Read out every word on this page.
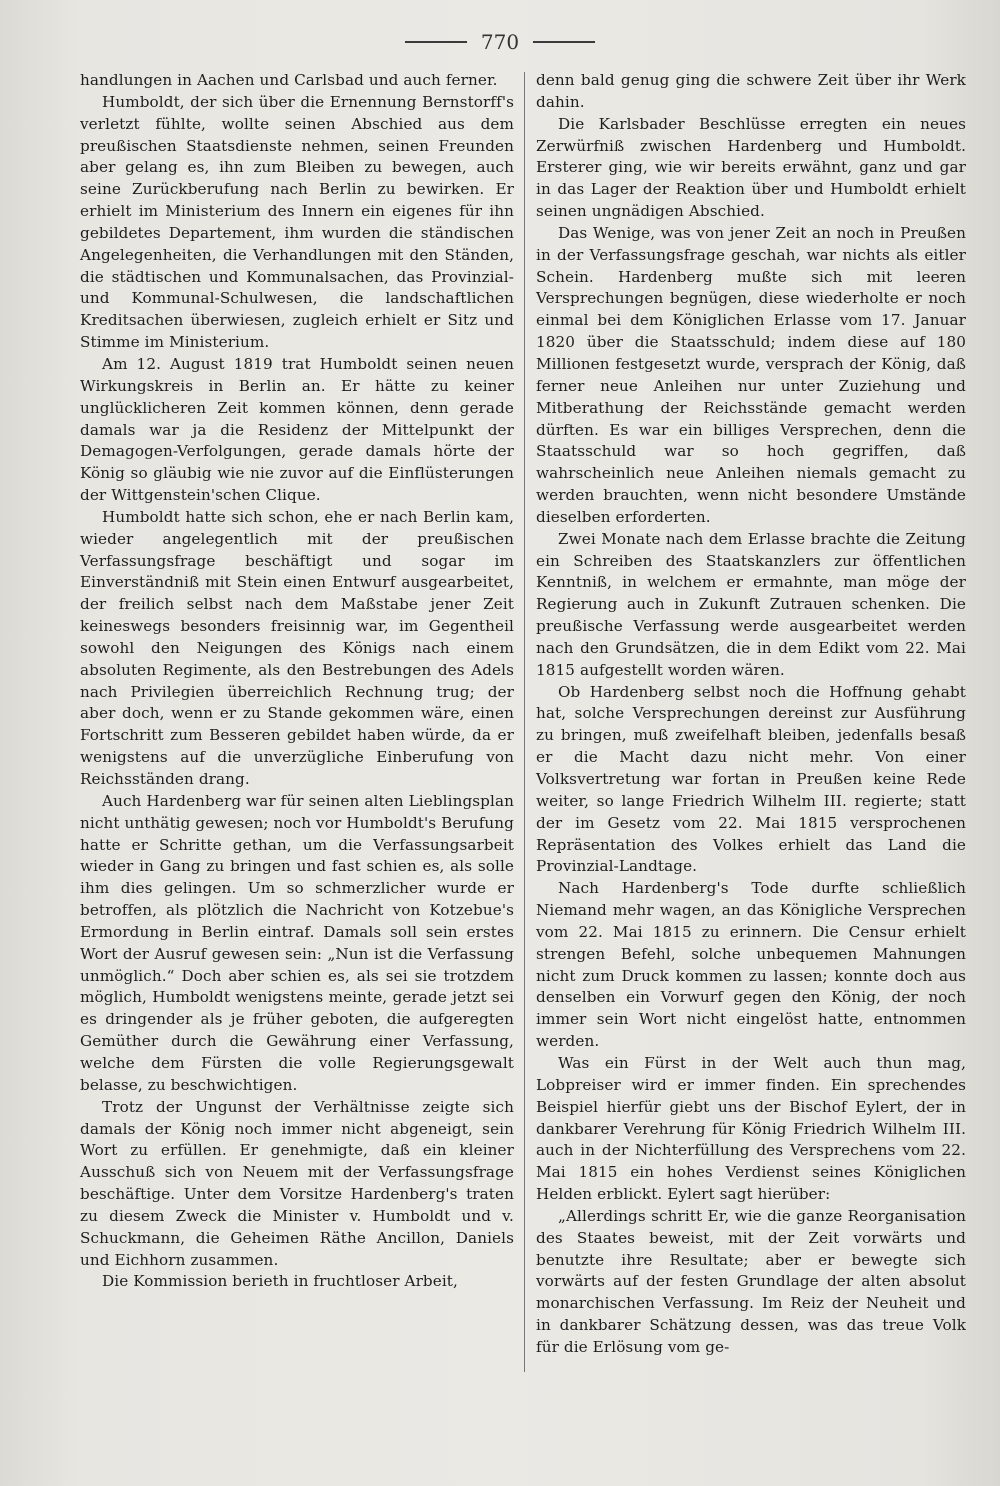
770

handlungen in Aachen und Carlsbad und auch ferner.

Humboldt, der sich über die Ernennung Bernstorff's verletzt fühlte, wollte seinen Abschied aus dem preußischen Staatsdienste nehmen, seinen Freunden aber gelang es, ihn zum Bleiben zu bewegen, auch seine Zurückberufung nach Berlin zu bewirken. Er erhielt im Ministerium des Innern ein eigenes für ihn gebildetes Departement, ihm wurden die ständischen Angelegenheiten, die Verhandlungen mit den Ständen, die städtischen und Kommunalsachen, das Provinzial- und Kommunal-Schulwesen, die landschaftlichen Kreditsachen überwiesen, zugleich erhielt er Sitz und Stimme im Ministerium.

Am 12. August 1819 trat Humboldt seinen neuen Wirkungskreis in Berlin an. Er hätte zu keiner unglücklicheren Zeit kommen können, denn gerade damals war ja die Residenz der Mittelpunkt der Demagogen-Verfolgungen, gerade damals hörte der König so gläubig wie nie zuvor auf die Einflüsterungen der Wittgenstein'schen Clique.

Humboldt hatte sich schon, ehe er nach Berlin kam, wieder angelegentlich mit der preußischen Verfassungsfrage beschäftigt und sogar im Einverständniß mit Stein einen Entwurf ausgearbeitet, der freilich selbst nach dem Maßstabe jener Zeit keineswegs besonders freisinnig war, im Gegentheil sowohl den Neigungen des Königs nach einem absoluten Regimente, als den Bestrebungen des Adels nach Privilegien überreichlich Rechnung trug; der aber doch, wenn er zu Stande gekommen wäre, einen Fortschritt zum Besseren gebildet haben würde, da er wenigstens auf die unverzügliche Einberufung von Reichsständen drang.

Auch Hardenberg war für seinen alten Lieblingsplan nicht unthätig gewesen; noch vor Humboldt's Berufung hatte er Schritte gethan, um die Verfassungsarbeit wieder in Gang zu bringen und fast schien es, als solle ihm dies gelingen. Um so schmerzlicher wurde er betroffen, als plötzlich die Nachricht von Kotzebue's Ermordung in Berlin eintraf. Damals soll sein erstes Wort der Ausruf gewesen sein: „Nun ist die Verfassung unmöglich.“ Doch aber schien es, als sei sie trotzdem möglich, Humboldt wenigstens meinte, gerade jetzt sei es dringender als je früher geboten, die aufgeregten Gemüther durch die Gewährung einer Verfassung, welche dem Fürsten die volle Regierungsgewalt belasse, zu beschwichtigen.

Trotz der Ungunst der Verhältnisse zeigte sich damals der König noch immer nicht abgeneigt, sein Wort zu erfüllen. Er genehmigte, daß ein kleiner Ausschuß sich von Neuem mit der Verfassungsfrage beschäftige. Unter dem Vorsitze Hardenberg's traten zu diesem Zweck die Minister v. Humboldt und v. Schuckmann, die Geheimen Räthe Ancillon, Daniels und Eichhorn zusammen.

Die Kommission berieth in fruchtloser Arbeit,

denn bald genug ging die schwere Zeit über ihr Werk dahin.

Die Karlsbader Beschlüsse erregten ein neues Zerwürfniß zwischen Hardenberg und Humboldt. Ersterer ging, wie wir bereits erwähnt, ganz und gar in das Lager der Reaktion über und Humboldt erhielt seinen ungnädigen Abschied.

Das Wenige, was von jener Zeit an noch in Preußen in der Verfassungsfrage geschah, war nichts als eitler Schein. Hardenberg mußte sich mit leeren Versprechungen begnügen, diese wiederholte er noch einmal bei dem Königlichen Erlasse vom 17. Januar 1820 über die Staatsschuld; indem diese auf 180 Millionen festgesetzt wurde, versprach der König, daß ferner neue Anleihen nur unter Zuziehung und Mitberathung der Reichsstände gemacht werden dürften. Es war ein billiges Versprechen, denn die Staatsschuld war so hoch gegriffen, daß wahrscheinlich neue Anleihen niemals gemacht zu werden brauchten, wenn nicht besondere Umstände dieselben erforderten.

Zwei Monate nach dem Erlasse brachte die Zeitung ein Schreiben des Staatskanzlers zur öffentlichen Kenntniß, in welchem er ermahnte, man möge der Regierung auch in Zukunft Zutrauen schenken. Die preußische Verfassung werde ausgearbeitet werden nach den Grundsätzen, die in dem Edikt vom 22. Mai 1815 aufgestellt worden wären.

Ob Hardenberg selbst noch die Hoffnung gehabt hat, solche Versprechungen dereinst zur Ausführung zu bringen, muß zweifelhaft bleiben, jedenfalls besaß er die Macht dazu nicht mehr. Von einer Volksvertretung war fortan in Preußen keine Rede weiter, so lange Friedrich Wilhelm III. regierte; statt der im Gesetz vom 22. Mai 1815 versprochenen Repräsentation des Volkes erhielt das Land die Provinzial-Landtage.

Nach Hardenberg's Tode durfte schließlich Niemand mehr wagen, an das Königliche Versprechen vom 22. Mai 1815 zu erinnern. Die Censur erhielt strengen Befehl, solche unbequemen Mahnungen nicht zum Druck kommen zu lassen; konnte doch aus denselben ein Vorwurf gegen den König, der noch immer sein Wort nicht eingelöst hatte, entnommen werden.

Was ein Fürst in der Welt auch thun mag, Lobpreiser wird er immer finden. Ein sprechendes Beispiel hierfür giebt uns der Bischof Eylert, der in dankbarer Verehrung für König Friedrich Wilhelm III. auch in der Nichterfüllung des Versprechens vom 22. Mai 1815 ein hohes Verdienst seines Königlichen Helden erblickt. Eylert sagt hierüber:

„Allerdings schritt Er, wie die ganze Reorganisation des Staates beweist, mit der Zeit vorwärts und benutzte ihre Resultate; aber er bewegte sich vorwärts auf der festen Grundlage der alten absolut monarchischen Verfassung. Im Reiz der Neuheit und in dankbarer Schätzung dessen, was das treue Volk für die Erlösung vom ge-
